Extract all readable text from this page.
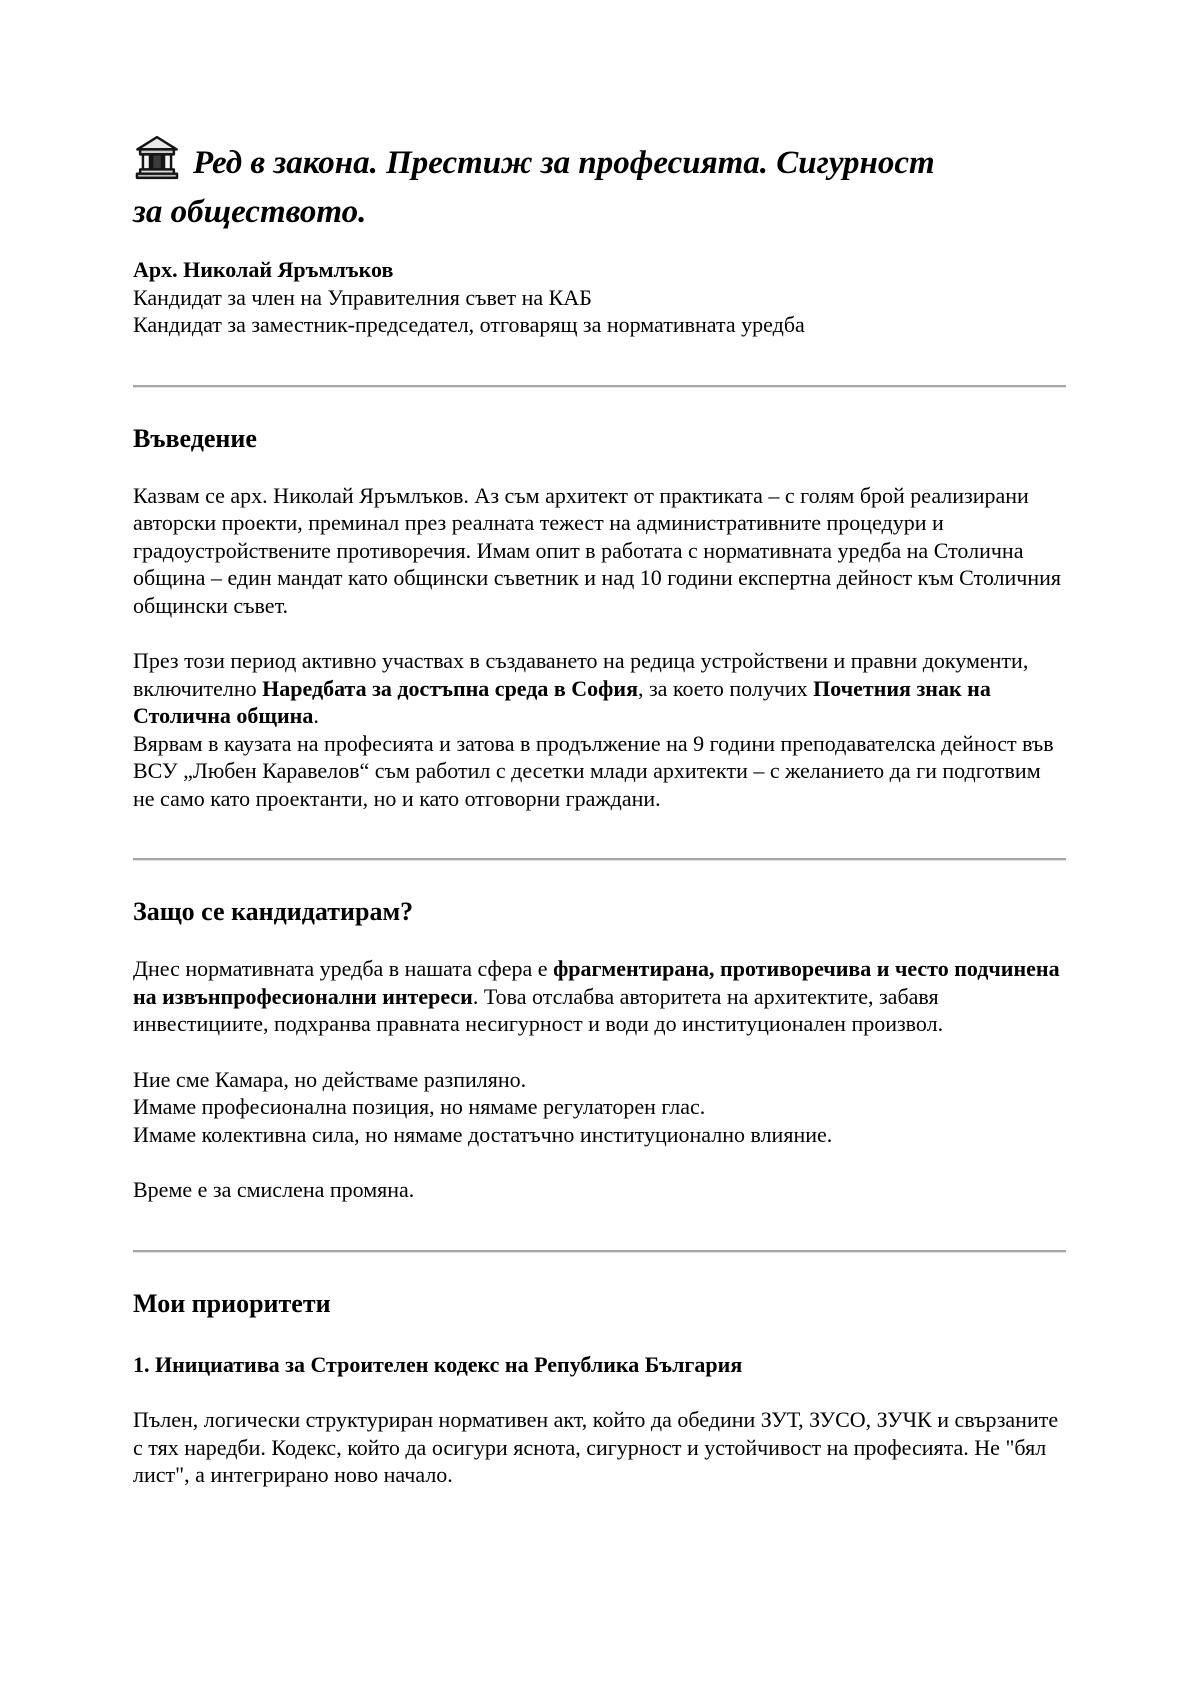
Ред в закона. Престиж за професията. Сигурност
за обществото.

Арх. Николай Яръмлъков

Кандидат за член на Управителния съвет на КАБ

Кандидат за заместник-председател, отговарящ за нормативната уредба

Въведение

Казвам се арх. Николай Яръмлъков. Аз съм архитект от практиката – с голям брой реализирани авторски проекти, преминал през реалната тежест на административните процедури и градоустройствените противоречия. Имам опит в работата с нормативната уредба на Столична община – един мандат като общински съветник и над 10 години експертна дейност към Столичния общински съвет.

През този период активно участвах в създаването на редица устройствени и правни документи, включително Наредбата за достъпна среда в София, за което получих Почетния знак на Столична община.
Вярвам в каузата на професията и затова в продължение на 9 години преподавателска дейност във ВСУ „Любен Каравелов“ съм работил с десетки млади архитекти – с желанието да ги подготвим не само като проектанти, но и като отговорни граждани.

Защо се кандидатирам?

Днес нормативната уредба в нашата сфера е фрагментирана, противоречива и често подчинена на извънпрофесионални интереси. Това отслабва авторитета на архитектите, забавя инвестициите, подхранва правната несигурност и води до институционален произвол.

Ние сме Камара, но действаме разпиляно.
Имаме професионална позиция, но нямаме регулаторен глас.
Имаме колективна сила, но нямаме достатъчно институционално влияние.

Време е за смислена промяна.

Мои приоритети
1. Инициатива за Строителен кодекс на Република България

Пълен, логически структуриран нормативен акт, който да обедини ЗУТ, ЗУСО, ЗУЧК и свързаните с тях наредби. Кодекс, който да осигури яснота, сигурност и устойчивост на професията. Не "бял лист", а интегрирано ново начало.
